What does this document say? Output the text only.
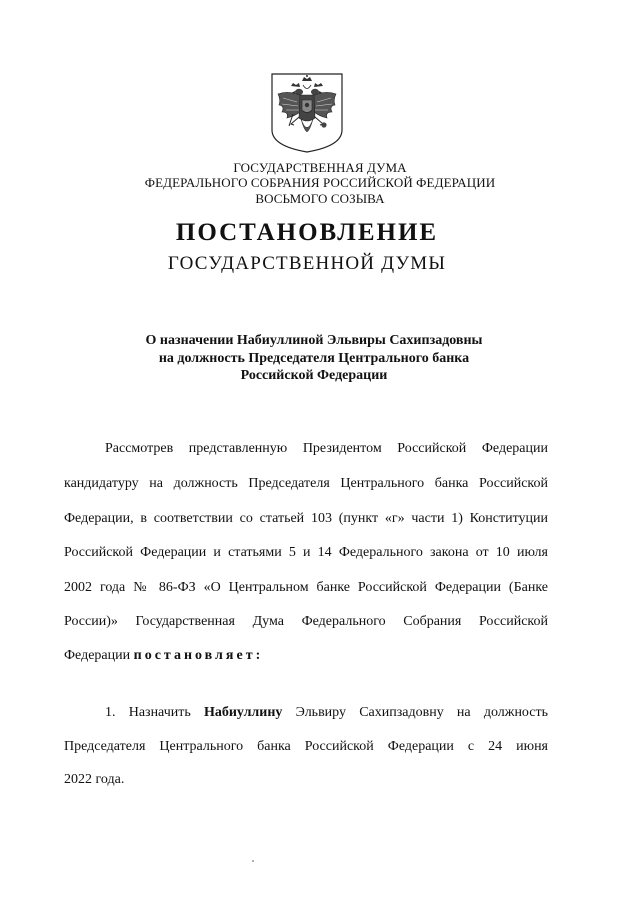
ГОСУДАРСТВЕННАЯ ДУМА
ФЕДЕРАЛЬНОГО СОБРАНИЯ РОССИЙСКОЙ ФЕДЕРАЦИИ
ВОСЬМОГО СОЗЫВА
ПОСТАНОВЛЕНИЕ
ГОСУДАРСТВЕННОЙ ДУМЫ
О назначении Набиуллиной Эльвиры Сахипзадовны
на должность Председателя Центрального банка
Российской Федерации
Рассмотрев представленную Президентом Российской Федерации
кандидатуру на должность Председателя Центрального банка Российской
Федерации, в соответствии со статьей 103 (пункт «г» части 1) Конституции
Российской Федерации и статьями 5 и 14 Федерального закона от 10 июля
2002 года № 86-ФЗ «О Центральном банке Российской Федерации (Банке
России)» Государственная Дума Федерального Собрания Российской
Федерации постановляет:
1. Назначить Набиуллину Эльвиру Сахипзадовну на должность
Председателя Центрального банка Российской Федерации с 24 июня
2022 года.
